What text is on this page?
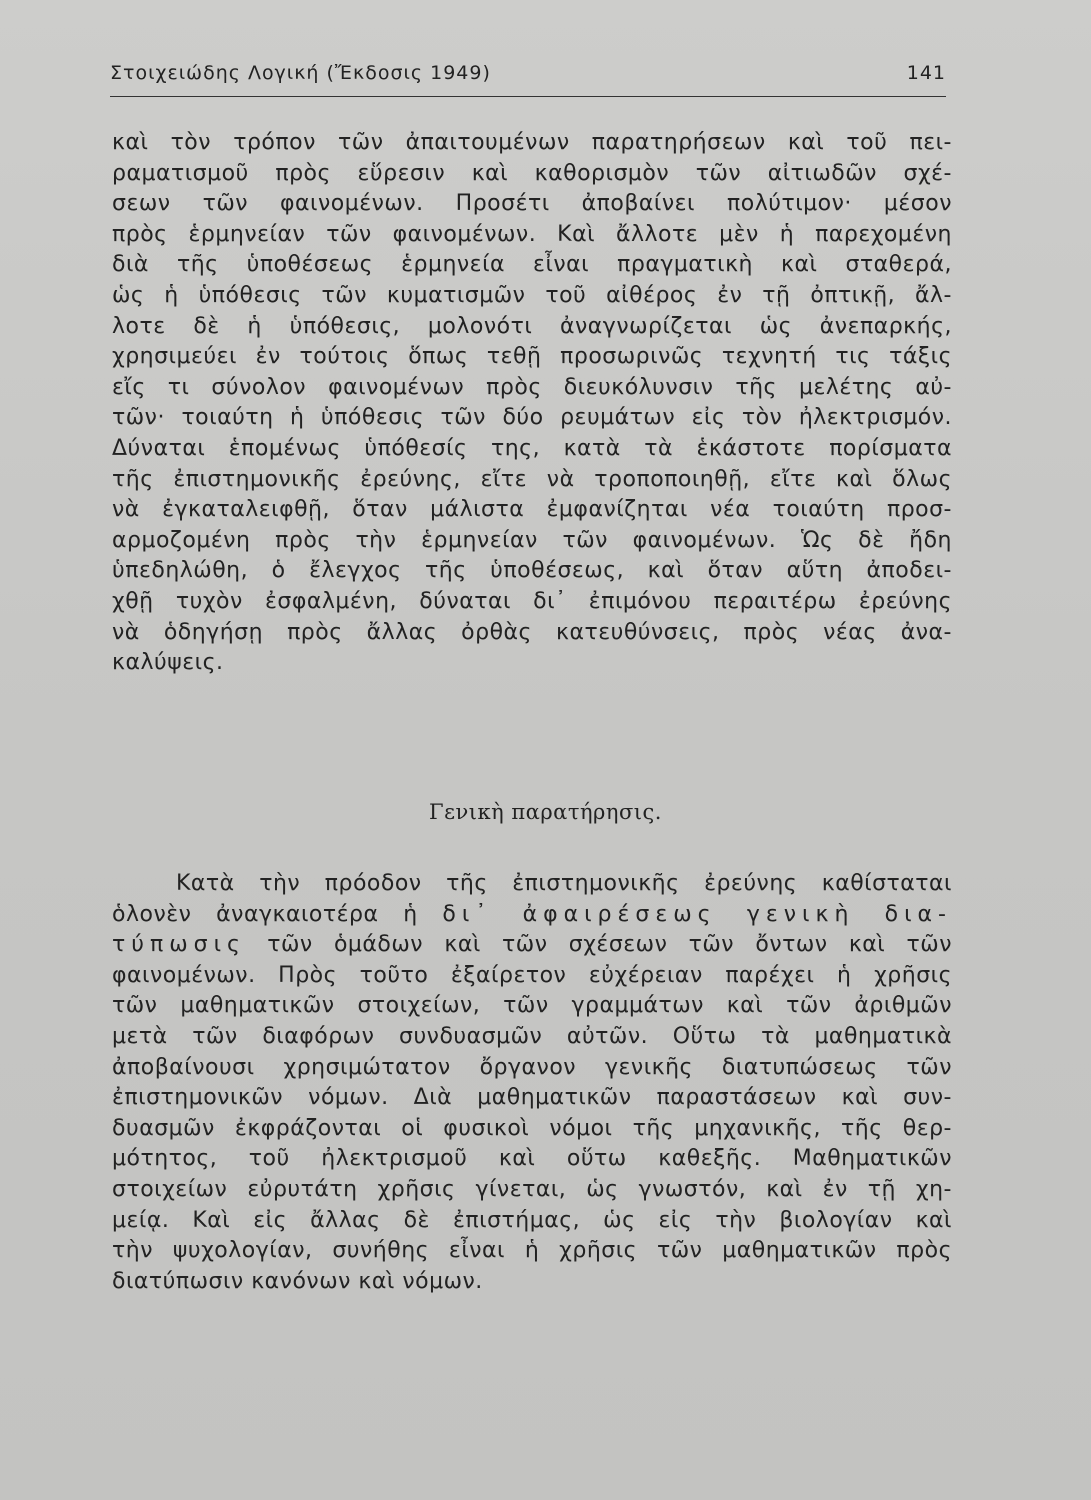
Στοιχειώδης Λογική (Ἔκδοσις 1949)	141
καὶ τὸν τρόπον τῶν ἀπαιτουμένων παρατηρήσεων καὶ τοῦ πει-
ραματισμοῦ πρὸς εὕρεσιν καὶ καθορισμὸν τῶν αἰτιωδῶν σχέ-
σεων τῶν φαινομένων. Προσέτι ἀποβαίνει πολύτιμον· μέσον
πρὸς ἑρμηνείαν τῶν φαινομένων. Καὶ ἄλλοτε μὲν ἡ παρεχομένη
διὰ τῆς ὑποθέσεως ἑρμηνεία εἶναι πραγματικὴ καὶ σταθερά,
ὡς ἡ ὑπόθεσις τῶν κυματισμῶν τοῦ αἰθέρος ἐν τῇ ὀπτικῇ, ἄλ-
λοτε δὲ ἡ ὑπόθεσις, μολονότι ἀναγνωρίζεται ὡς ἀνεπαρκής,
χρησιμεύει ἐν τούτοις ὅπως τεθῇ προσωρινῶς τεχνητή τις τάξις
εἴς τι σύνολον φαινομένων πρὸς διευκόλυνσιν τῆς μελέτης αὐ-
τῶν· τοιαύτη ἡ ὑπόθεσις τῶν δύο ρευμάτων εἰς τὸν ἠλεκτρισμόν.
Δύναται ἑπομένως ὑπόθεσίς της, κατὰ τὰ ἑκάστοτε πορίσματα
τῆς ἐπιστημονικῆς ἐρεύνης, εἴτε νὰ τροποποιηθῇ, εἴτε καὶ ὅλως
νὰ ἐγκαταλειφθῇ, ὅταν μάλιστα ἐμφανίζηται νέα τοιαύτη προσ-
αρμοζομένη πρὸς τὴν ἑρμηνείαν τῶν φαινομένων. Ὡς δὲ ἤδη
ὑπεδηλώθη, ὁ ἔλεγχος τῆς ὑποθέσεως, καὶ ὅταν αὕτη ἀποδει-
χθῇ τυχὸν ἐσφαλμένη, δύναται δι᾽ ἐπιμόνου περαιτέρω ἐρεύνης
νὰ ὁδηγήσῃ πρὸς ἄλλας ὀρθὰς κατευθύνσεις, πρὸς νέας ἀνα-
καλύψεις.
Γενικὴ παρατήρησις.
Κατὰ τὴν πρόοδον τῆς ἐπιστημονικῆς ἐρεύνης καθίσταται
ὁλονὲν ἀναγκαιοτέρα ἡ δι᾽ ἀφαιρέσεως γενικὴ δια-
τύπωσις τῶν ὁμάδων καὶ τῶν σχέσεων τῶν ὄντων καὶ τῶν
φαινομένων. Πρὸς τοῦτο ἐξαίρετον εὐχέρειαν παρέχει ἡ χρῆσις
τῶν μαθηματικῶν στοιχείων, τῶν γραμμάτων καὶ τῶν ἀριθμῶν
μετὰ τῶν διαφόρων συνδυασμῶν αὐτῶν. Οὕτω τὰ μαθηματικὰ
ἀποβαίνουσι χρησιμώτατον ὄργανον γενικῆς διατυπώσεως τῶν
ἐπιστημονικῶν νόμων. Διὰ μαθηματικῶν παραστάσεων καὶ συν-
δυασμῶν ἐκφράζονται οἱ φυσικοὶ νόμοι τῆς μηχανικῆς, τῆς θερ-
μότητος, τοῦ ἠλεκτρισμοῦ καὶ οὕτω καθεξῆς. Μαθηματικῶν
στοιχείων εὐρυτάτη χρῆσις γίνεται, ὡς γνωστόν, καὶ ἐν τῇ χη-
μείᾳ. Καὶ εἰς ἄλλας δὲ ἐπιστήμας, ὡς εἰς τὴν βιολογίαν καὶ
τὴν ψυχολογίαν, συνήθης εἶναι ἡ χρῆσις τῶν μαθηματικῶν πρὸς
διατύπωσιν κανόνων καὶ νόμων.
